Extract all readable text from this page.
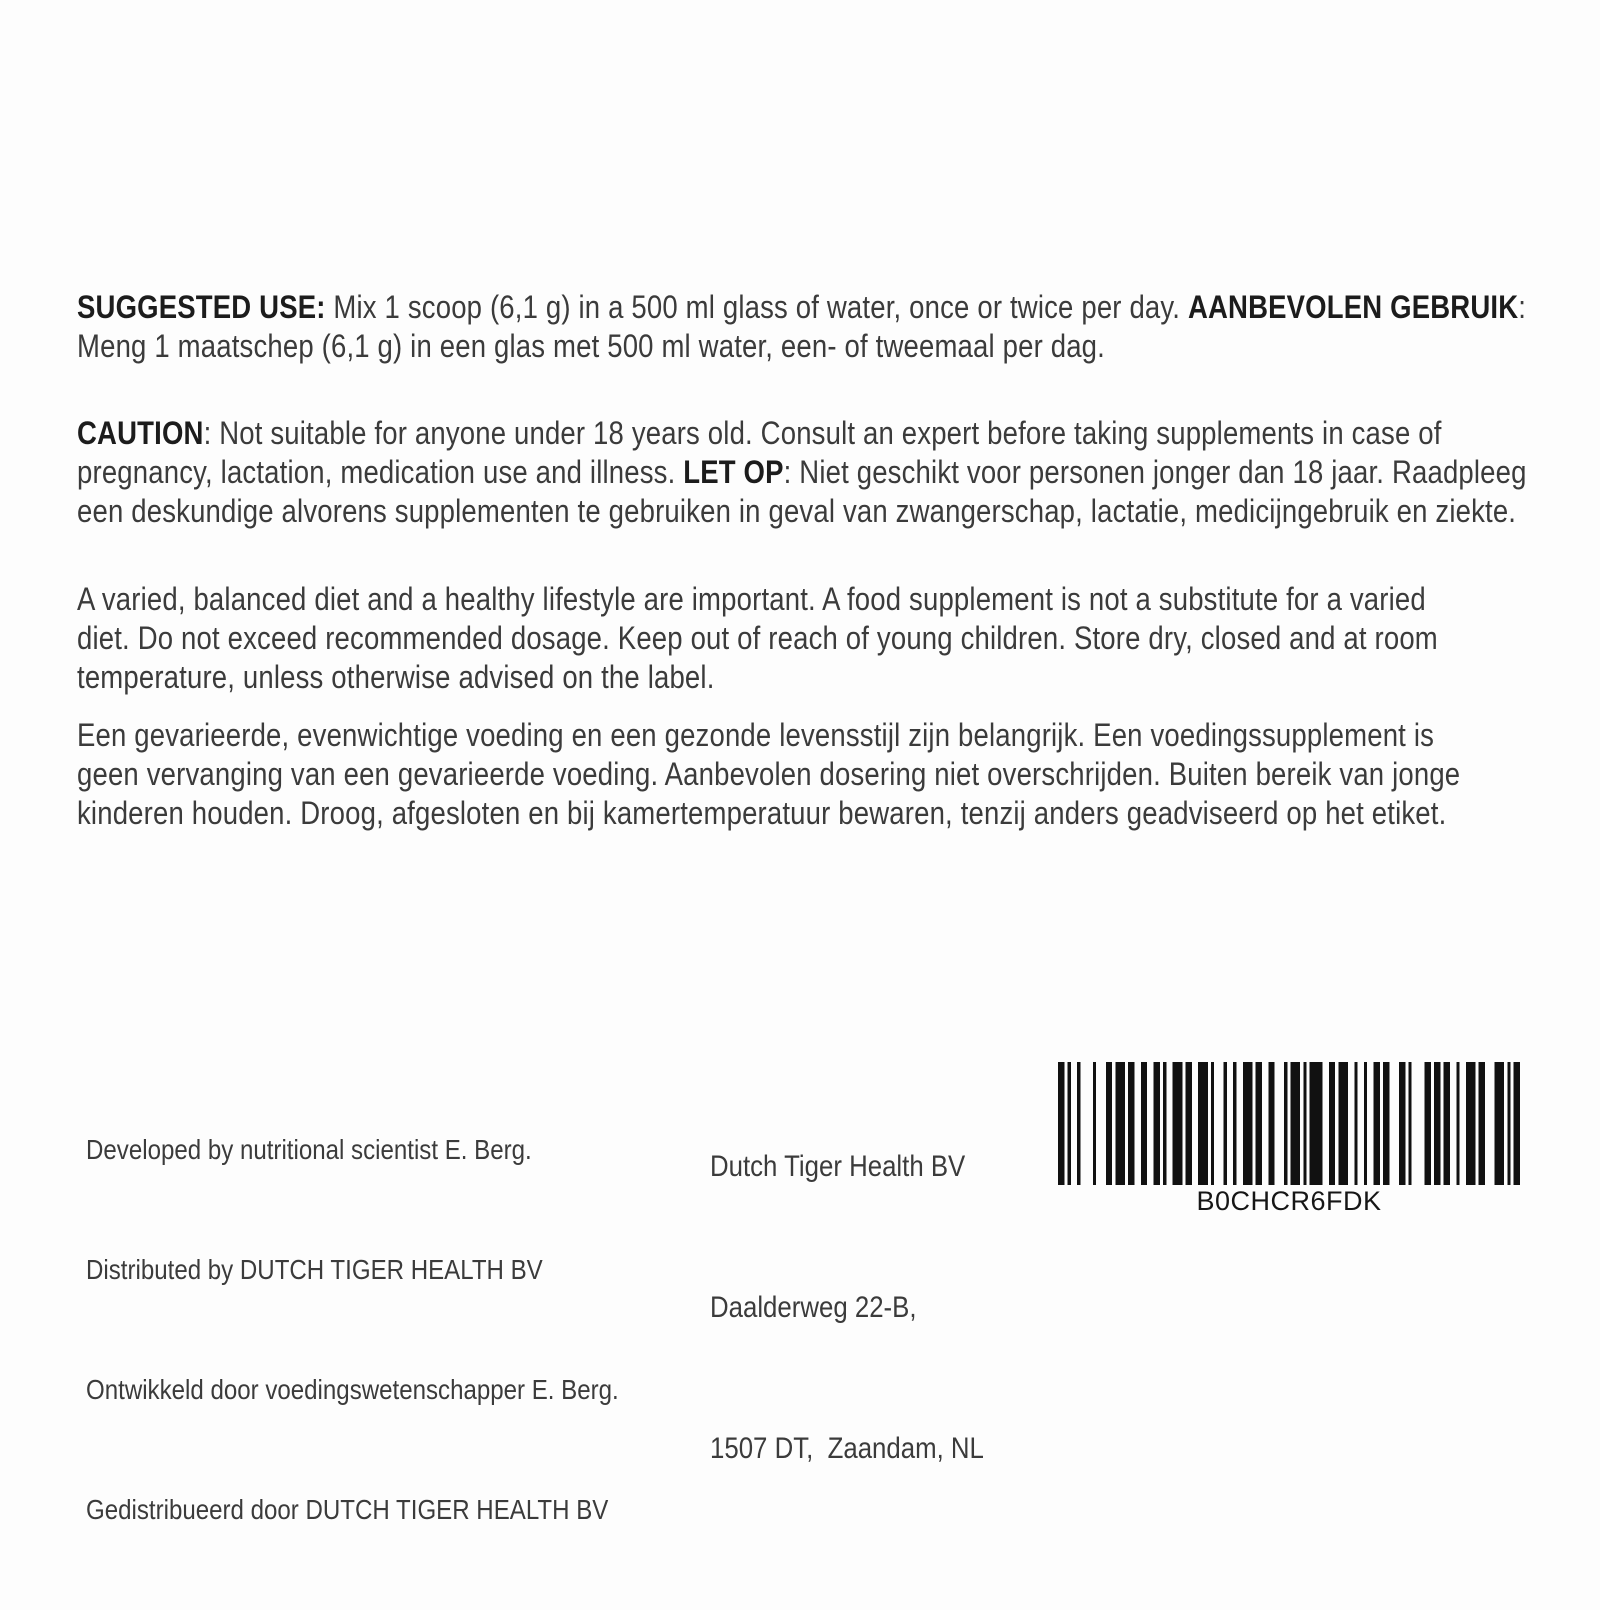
SUGGESTED USE: Mix 1 scoop (6,1 g) in a 500 ml glass of water, once or twice per day. AANBEVOLEN GEBRUIK:
Meng 1 maatschep (6,1 g) in een glas met 500 ml water, een- of tweemaal per dag.
CAUTION: Not suitable for anyone under 18 years old. Consult an expert before taking supplements in case of
pregnancy, lactation, medication use and illness. LET OP: Niet geschikt voor personen jonger dan 18 jaar. Raadpleeg
een deskundige alvorens supplementen te gebruiken in geval van zwangerschap, lactatie, medicijngebruik en ziekte.
A varied, balanced diet and a healthy lifestyle are important. A food supplement is not a substitute for a varied
diet. Do not exceed recommended dosage. Keep out of reach of young children. Store dry, closed and at room
temperature, unless otherwise advised on the label.
Een gevarieerde, evenwichtige voeding en een gezonde levensstijl zijn belangrijk. Een voedingssupplement is
geen vervanging van een gevarieerde voeding. Aanbevolen dosering niet overschrijden. Buiten bereik van jonge
kinderen houden. Droog, afgesloten en bij kamertemperatuur bewaren, tenzij anders geadviseerd op het etiket.

Developed by nutritional scientist E. Berg.

Distributed by DUTCH TIGER HEALTH BV

Ontwikkeld door voedingswetenschapper E. Berg.

Gedistribueerd door DUTCH TIGER HEALTH BV

Dutch Tiger Health BV

Daalderweg 22-B,

1507 DT,  Zaandam, NL

B0CHCR6FDK
